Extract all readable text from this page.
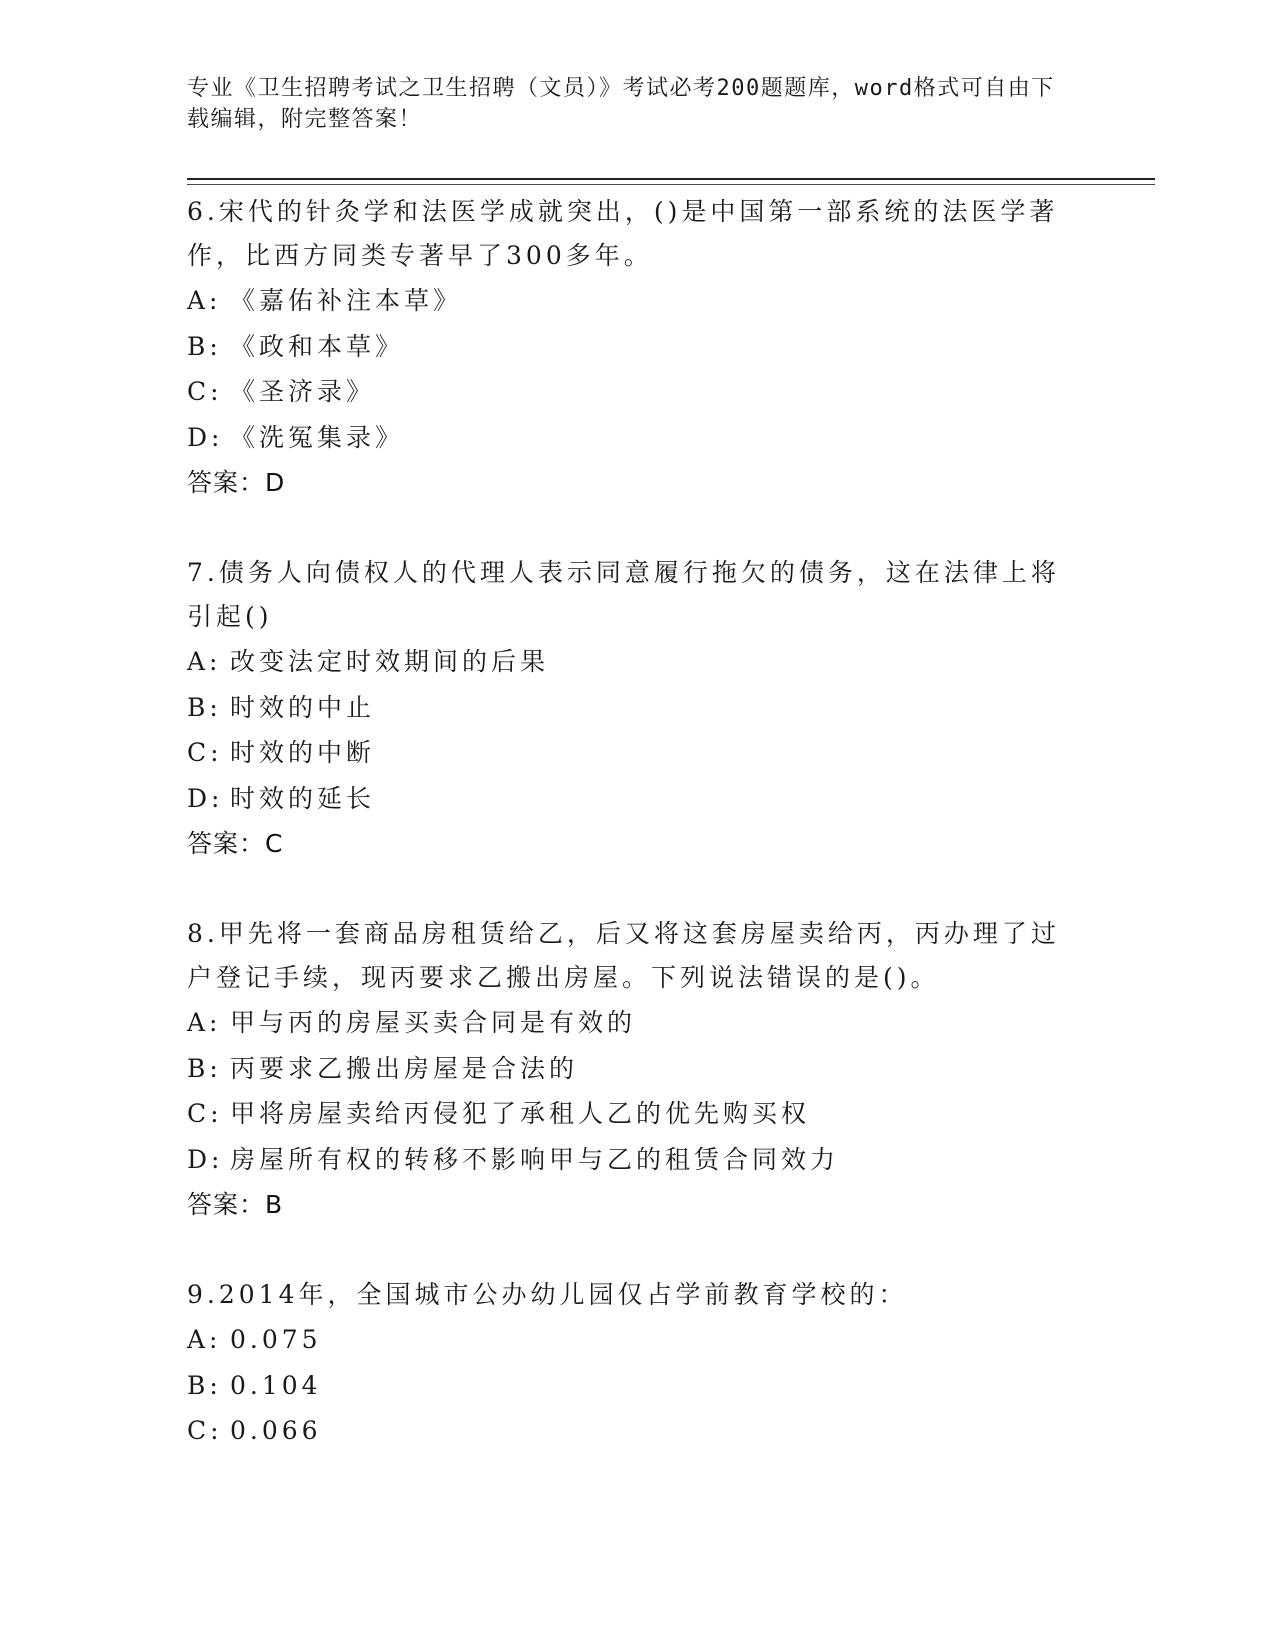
专业《卫生招聘考试之卫生招聘（文员）》考试必考200题题库，word格式可自由下载编辑，附完整答案！
6.宋代的针灸学和法医学成就突出，()是中国第一部系统的法医学著作，比西方同类专著早了300多年。
A: 《嘉佑补注本草》
B: 《政和本草》
C: 《圣济录》
D: 《洗冤集录》
答案：D
7.债务人向债权人的代理人表示同意履行拖欠的债务，这在法律上将引起()
A: 改变法定时效期间的后果
B: 时效的中止
C: 时效的中断
D: 时效的延长
答案：C
8.甲先将一套商品房租赁给乙，后又将这套房屋卖给丙，丙办理了过户登记手续，现丙要求乙搬出房屋。下列说法错误的是()。
A: 甲与丙的房屋买卖合同是有效的
B: 丙要求乙搬出房屋是合法的
C: 甲将房屋卖给丙侵犯了承租人乙的优先购买权
D: 房屋所有权的转移不影响甲与乙的租赁合同效力
答案：B
9.2014年，全国城市公办幼儿园仅占学前教育学校的：
A: 0.075
B: 0.104
C: 0.066
